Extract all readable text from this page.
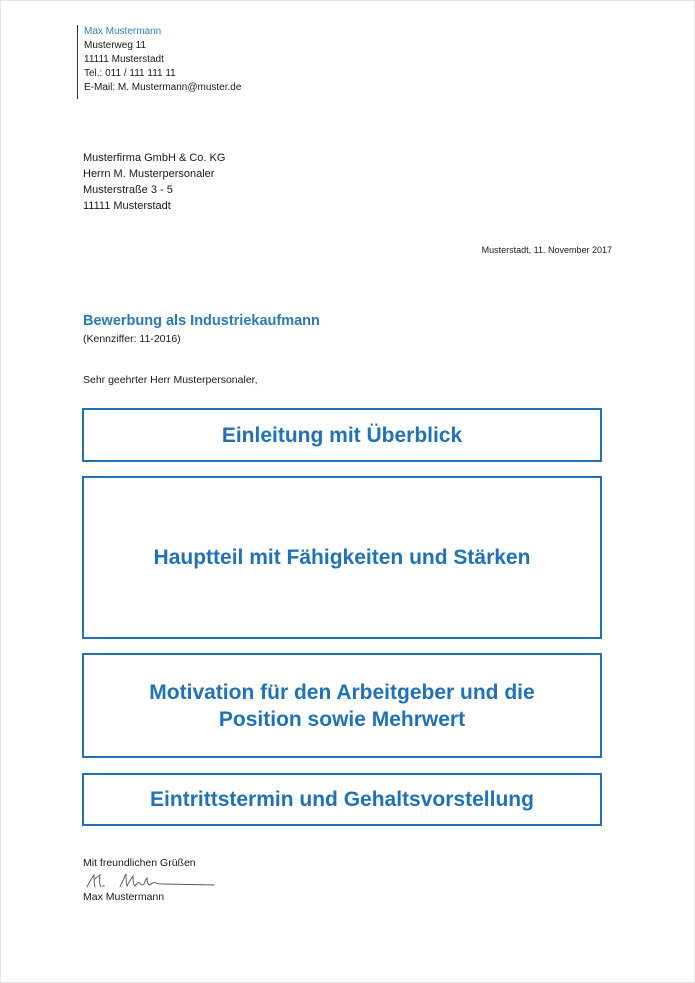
Max Mustermann
Musterweg 11
11111 Musterstadt
Tel.: 011 / 111 111 11
E-Mail: M. Mustermann@muster.de
Musterfirma GmbH & Co. KG
Herrn M. Musterpersonaler
Musterstraße 3 - 5
11111 Musterstadt
Musterstadt, 11. November 2017
Bewerbung als Industriekaufmann
(Kennziffer: 11-2016)
Sehr geehrter Herr Musterpersonaler,
Einleitung mit Überblick
Hauptteil mit Fähigkeiten und Stärken
Motivation für den Arbeitgeber und die
Position sowie Mehrwert
Eintrittstermin und Gehaltsvorstellung
Mit freundlichen Grüßen
Max Mustermann
